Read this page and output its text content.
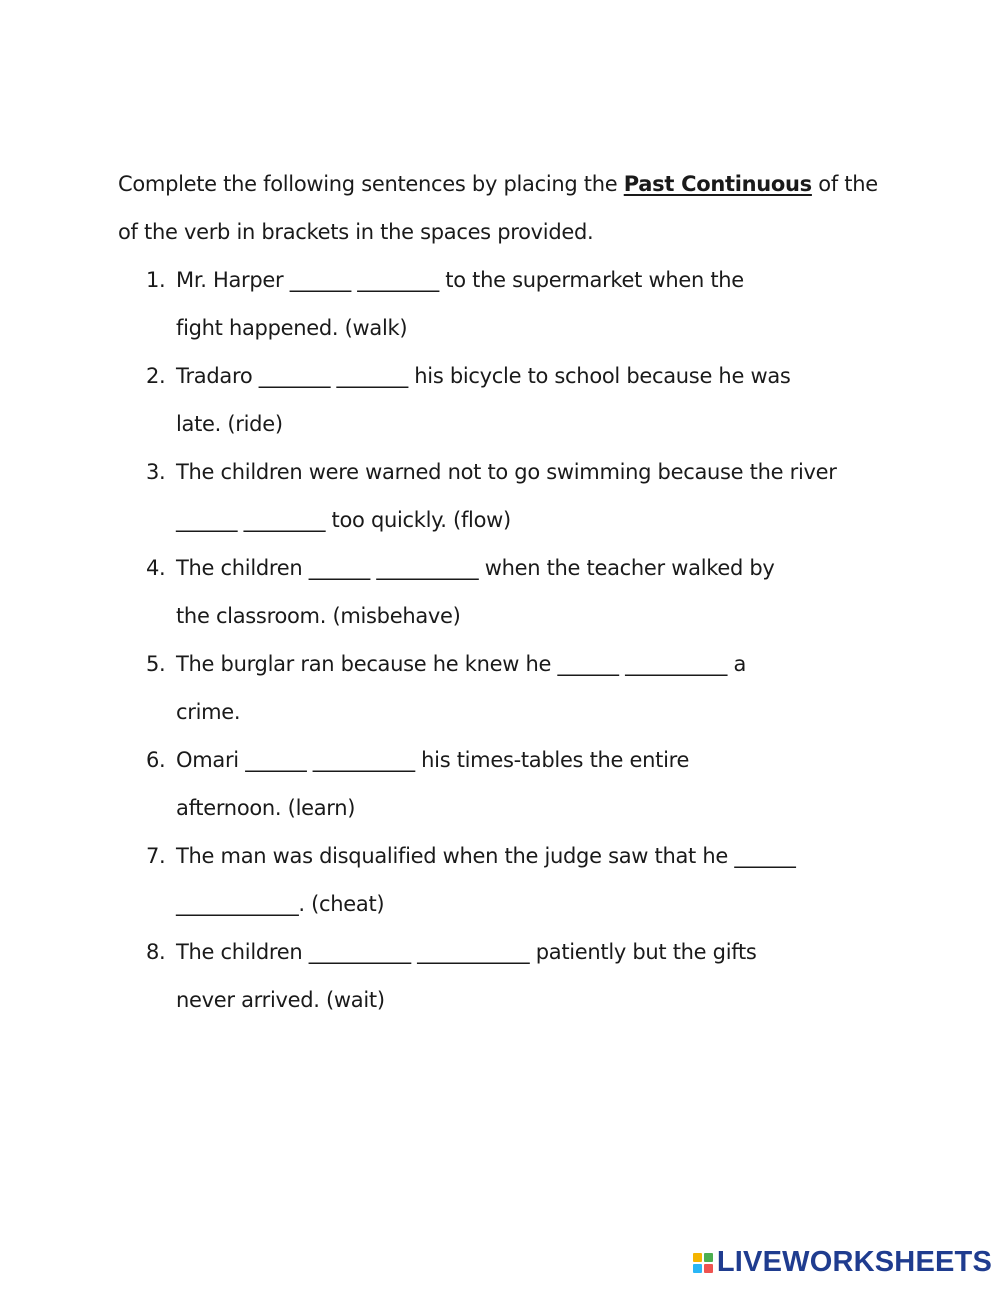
Complete the following sentences by placing the Past Continuous of the
of the verb in brackets in the spaces provided.
1. Mr. Harper ______ ________ to the supermarket when the
fight happened. (walk)
2. Tradaro _______ _______ his bicycle to school because he was
late. (ride)
3. The children were warned not to go swimming because the river
______ ________ too quickly. (flow)
4. The children ______ __________ when the teacher walked by
the classroom. (misbehave)
5. The burglar ran because he knew he ______ __________ a
crime.
6. Omari ______ __________ his times-tables the entire
afternoon. (learn)
7. The man was disqualified when the judge saw that he ______
____________. (cheat)
8. The children __________ ___________ patiently but the gifts
never arrived. (wait)
LIVEWORKSHEETS
